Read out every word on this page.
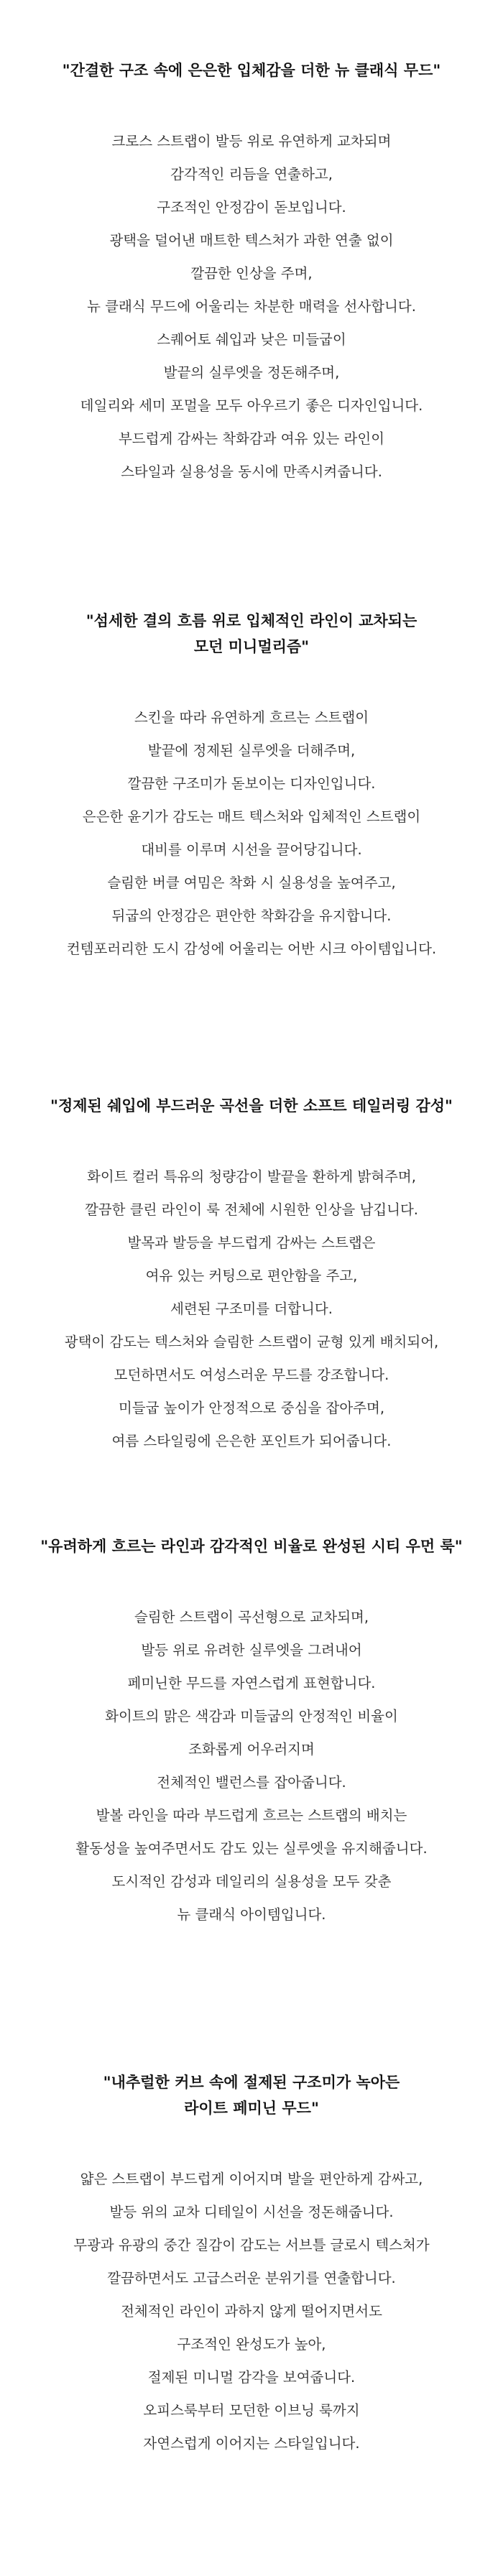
"간결한 구조 속에 은은한 입체감을 더한 뉴 클래식 무드"

크로스 스트랩이 발등 위로 유연하게 교차되며

감각적인 리듬을 연출하고,

구조적인 안정감이 돋보입니다.

광택을 덜어낸 매트한 텍스처가 과한 연출 없이

깔끔한 인상을 주며,

뉴 클래식 무드에 어울리는 차분한 매력을 선사합니다.

스퀘어토 쉐입과 낮은 미들굽이

발끝의 실루엣을 정돈해주며,

데일리와 세미 포멀을 모두 아우르기 좋은 디자인입니다.

부드럽게 감싸는 착화감과 여유 있는 라인이

스타일과 실용성을 동시에 만족시켜줍니다.

"섬세한 결의 흐름 위로 입체적인 라인이 교차되는

모던 미니멀리즘"

스킨을 따라 유연하게 흐르는 스트랩이

발끝에 정제된 실루엣을 더해주며,

깔끔한 구조미가 돋보이는 디자인입니다.

은은한 윤기가 감도는 매트 텍스처와 입체적인 스트랩이

대비를 이루며 시선을 끌어당깁니다.

슬림한 버클 여밈은 착화 시 실용성을 높여주고,

뒤굽의 안정감은 편안한 착화감을 유지합니다.

컨템포러리한 도시 감성에 어울리는 어반 시크 아이템입니다.

"정제된 쉐입에 부드러운 곡선을 더한 소프트 테일러링 감성"

화이트 컬러 특유의 청량감이 발끝을 환하게 밝혀주며,

깔끔한 클린 라인이 룩 전체에 시원한 인상을 남깁니다.

발목과 발등을 부드럽게 감싸는 스트랩은

여유 있는 커팅으로 편안함을 주고,

세련된 구조미를 더합니다.

광택이 감도는 텍스처와 슬림한 스트랩이 균형 있게 배치되어,

모던하면서도 여성스러운 무드를 강조합니다.

미들굽 높이가 안정적으로 중심을 잡아주며,

여름 스타일링에 은은한 포인트가 되어줍니다.

"유려하게 흐르는 라인과 감각적인 비율로 완성된 시티 우먼 룩"

슬림한 스트랩이 곡선형으로 교차되며,

발등 위로 유려한 실루엣을 그려내어

페미닌한 무드를 자연스럽게 표현합니다.

화이트의 맑은 색감과 미들굽의 안정적인 비율이

조화롭게 어우러지며

전체적인 밸런스를 잡아줍니다.

발볼 라인을 따라 부드럽게 흐르는 스트랩의 배치는

활동성을 높여주면서도 감도 있는 실루엣을 유지해줍니다.

도시적인 감성과 데일리의 실용성을 모두 갖춘

뉴 클래식 아이템입니다.

"내추럴한 커브 속에 절제된 구조미가 녹아든

라이트 페미닌 무드"

얇은 스트랩이 부드럽게 이어지며 발을 편안하게 감싸고,

발등 위의 교차 디테일이 시선을 정돈해줍니다.

무광과 유광의 중간 질감이 감도는 서브틀 글로시 텍스처가

깔끔하면서도 고급스러운 분위기를 연출합니다.

전체적인 라인이 과하지 않게 떨어지면서도

구조적인 완성도가 높아,

절제된 미니멀 감각을 보여줍니다.

오피스룩부터 모던한 이브닝 룩까지

자연스럽게 이어지는 스타일입니다.
